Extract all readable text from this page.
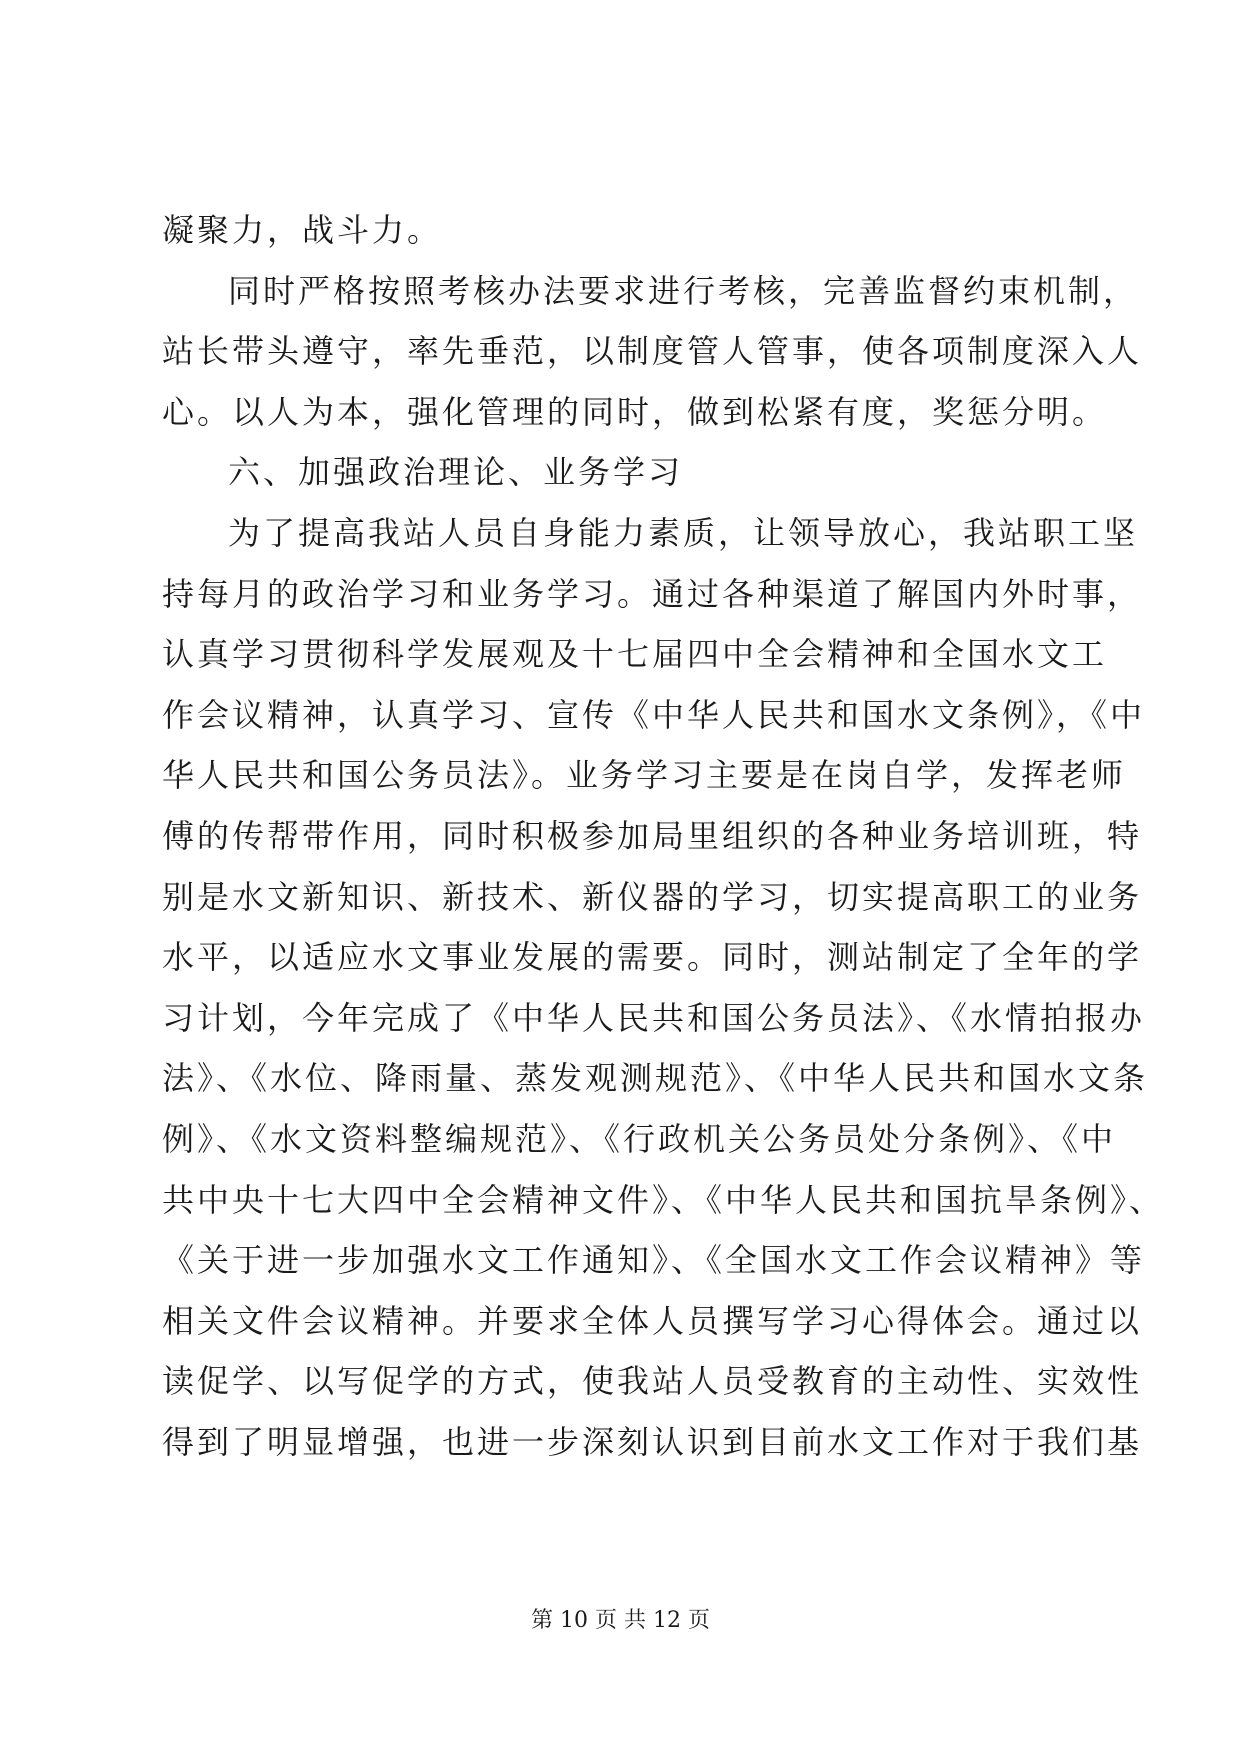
凝聚力，战斗力。
同时严格按照考核办法要求进行考核，完善监督约束机制，
站长带头遵守，率先垂范，以制度管人管事，使各项制度深入人
心。以人为本，强化管理的同时，做到松紧有度，奖惩分明。
六、加强政治理论、业务学习
为了提高我站人员自身能力素质，让领导放心，我站职工坚
持每月的政治学习和业务学习。通过各种渠道了解国内外时事，
认真学习贯彻科学发展观及十七届四中全会精神和全国水文工
作会议精神，认真学习、宣传《中华人民共和国水文条例》，《中
华人民共和国公务员法》。业务学习主要是在岗自学，发挥老师
傅的传帮带作用，同时积极参加局里组织的各种业务培训班，特
别是水文新知识、新技术、新仪器的学习，切实提高职工的业务
水平，以适应水文事业发展的需要。同时，测站制定了全年的学
习计划，今年完成了《中华人民共和国公务员法》、《水情拍报办
法》、《水位、降雨量、蒸发观测规范》、《中华人民共和国水文条
例》、《水文资料整编规范》、《行政机关公务员处分条例》、《中
共中央十七大四中全会精神文件》、《中华人民共和国抗旱条例》、
《关于进一步加强水文工作通知》、《全国水文工作会议精神》等
相关文件会议精神。并要求全体人员撰写学习心得体会。通过以
读促学、以写促学的方式，使我站人员受教育的主动性、实效性
得到了明显增强，也进一步深刻认识到目前水文工作对于我们基
第 10 页 共 12 页
